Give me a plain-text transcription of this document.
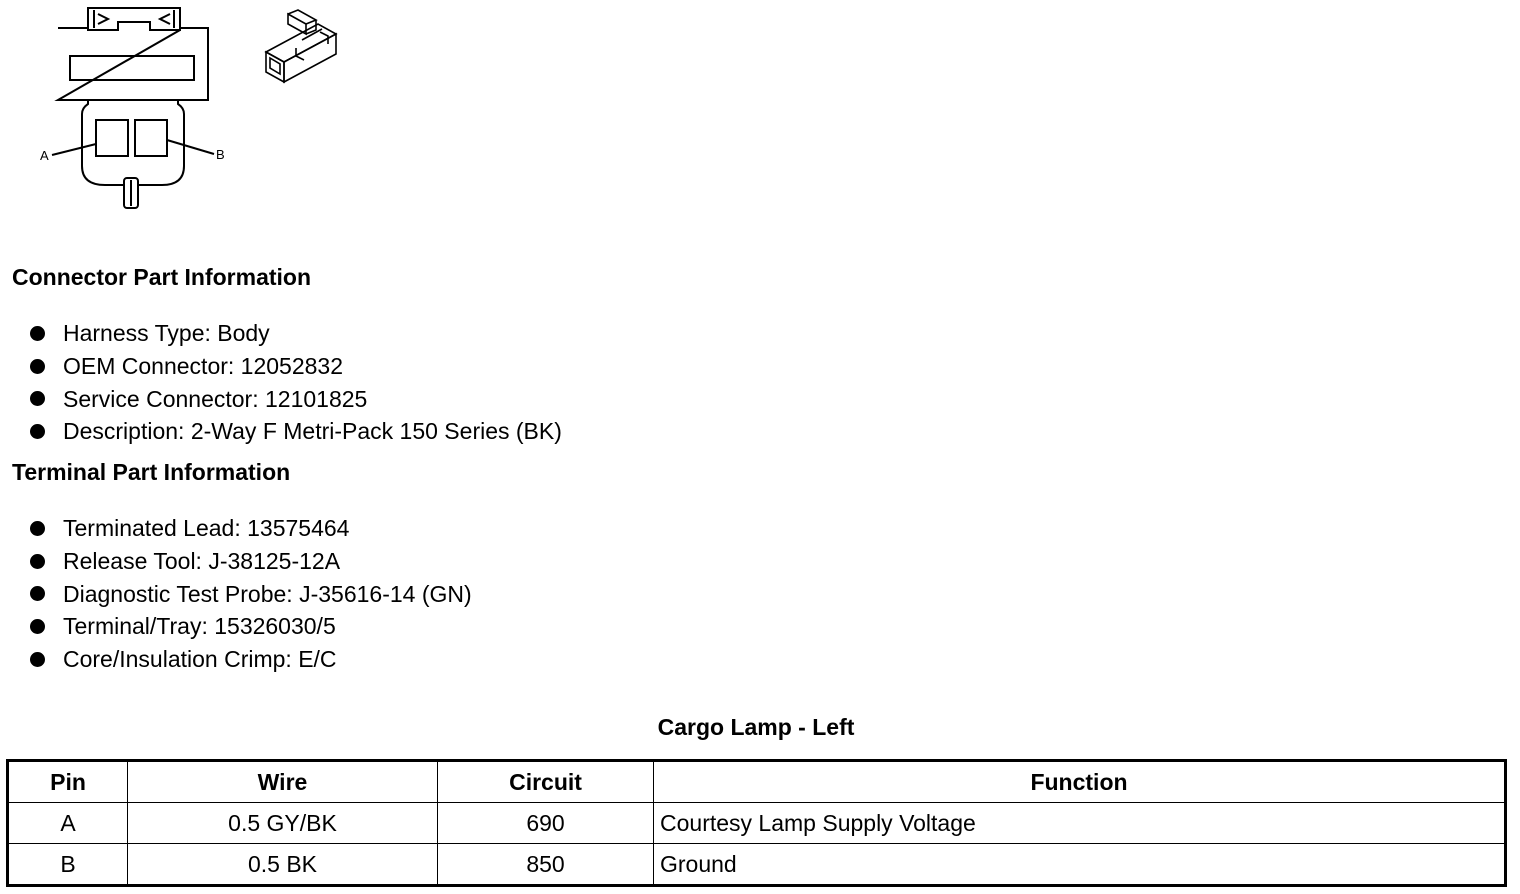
A	B
Connector Part Information
Harness Type: Body
OEM Connector: 12052832
Service Connector: 12101825
Description: 2-Way F Metri-Pack 150 Series (BK)
Terminal Part Information
Terminated Lead: 13575464
Release Tool: J-38125-12A
Diagnostic Test Probe: J-35616-14 (GN)
Terminal/Tray: 15326030/5
Core/Insulation Crimp: E/C
Cargo Lamp - Left
Pin	Wire	Circuit	Function
A	0.5 GY/BK	690	Courtesy Lamp Supply Voltage
B	0.5 BK	850	Ground
